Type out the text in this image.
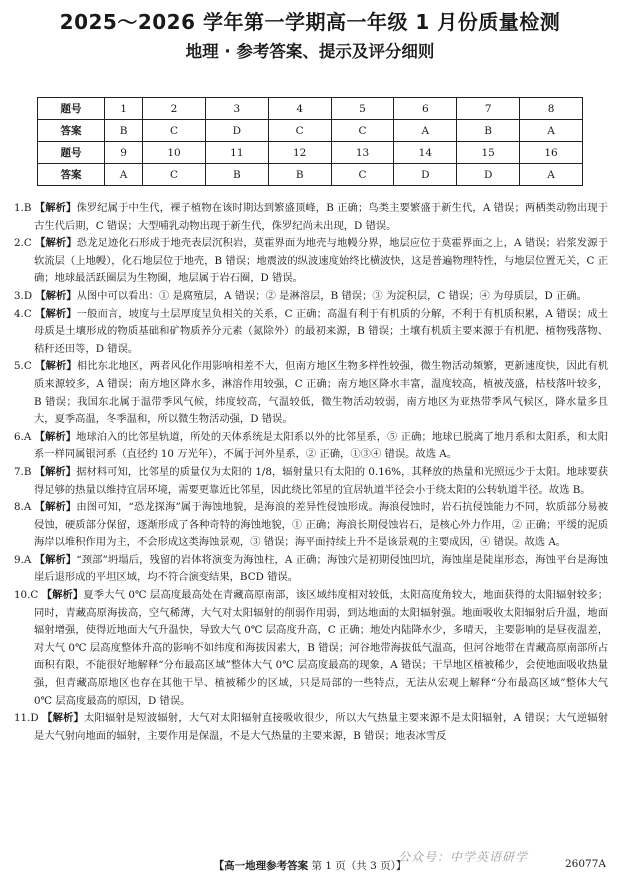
2025～2026 学年第一学期高一年级 1 月份质量检测
地理 · 参考答案、提示及评分细则
题号	1	2	3	4	5	6	7	8
答案	B	C	D	C	C	A	B	A
题号	9	10	11	12	13	14	15	16
答案	A	C	B	B	C	D	D	A

1.B 【解析】侏罗纪属于中生代，裸子植物在该时期达到繁盛顶峰，B 正确；鸟类主要繁盛于新生代，A 错误；两栖类动物出现于古生代后期，C 错误；大型哺乳动物出现于新生代，侏罗纪尚未出现，D 错误。

2.C 【解析】恐龙足迹化石形成于地壳表层沉积岩，莫霍界面为地壳与地幔分界，地层应位于莫霍界面之上，A 错误；岩浆发源于软流层（上地幔），化石地层位于地壳，B 错误；地震波的纵波速度始终比横波快，这是普遍物理特性，与地层位置无关，C 正确；地球最活跃圈层为生物圈，地层属于岩石圈，D 错误。

3.D 【解析】从图中可以看出：① 是腐殖层，A 错误；② 是淋溶层，B 错误；③ 为淀积层，C 错误；④ 为母质层，D 正确。

4.C 【解析】一般而言，坡度与土层厚度呈负相关的关系，C 正确；高温有利于有机质的分解，不利于有机质积累，A 错误；成土母质是土壤形成的物质基础和矿物质养分元素（氮除外）的最初来源，B 错误；土壤有机质主要来源于有机肥、植物残落物、秸秆还田等，D 错误。

5.C 【解析】相比东北地区，两者风化作用影响相差不大，但南方地区生物多样性较强，微生物活动频繁，更新速度快，因此有机质来源较多，A 错误；南方地区降水多，淋溶作用较强，C 正确；南方地区降水丰富，温度较高，植被茂盛，枯枝落叶较多，B 错误；我国东北属于温带季风气候，纬度较高，气温较低，微生物活动较弱，南方地区为亚热带季风气候区，降水量多且大，夏季高温，冬季温和，所以微生物活动强，D 错误。

6.A 【解析】地球泊入的比邻星轨道，所处的天体系统是太阳系以外的比邻星系，⑤ 正确；地球已脱离了地月系和太阳系，和太阳系一样同属银河系（直径约 10 万光年），不属于河外星系，② 正确，①③④ 错误。故选 A。

7.B 【解析】据材料可知，比邻星的质量仅为太阳的 1/8，辐射量只有太阳的 0.16%，其释放的热量和光照远少于太阳。地球要获得足够的热量以维持宜居环境，需要更靠近比邻星，因此绕比邻星的宜居轨道半径会小于绕太阳的公转轨道半径。故选 B。

8.A 【解析】由图可知，“恐龙探海”属于海蚀地貌，是海浪的差异性侵蚀形成。海浪侵蚀时，岩石抗侵蚀能力不同，软质部分易被侵蚀，硬质部分保留，逐渐形成了各种奇特的海蚀地貌，① 正确；海浪长期侵蚀岩石，是核心外力作用，② 正确；平缓的泥质海岸以堆积作用为主，不会形成这类海蚀景观，③ 错误；海平面持续上升不是该景观的主要成因，④ 错误。故选 A。

9.A 【解析】“颈部”坍塌后，残留的岩体将演变为海蚀柱，A 正确；海蚀穴是初期侵蚀凹坑，海蚀崖是陡崖形态，海蚀平台是海蚀崖后退形成的平坦区域，均不符合演变结果，BCD 错误。

10.C 【解析】夏季大气 0℃ 层高度最高处在青藏高原南部，该区域纬度相对较低，太阳高度角较大，地面获得的太阳辐射较多；同时，青藏高原海拔高，空气稀薄，大气对太阳辐射的削弱作用弱，到达地面的太阳辐射强。地面吸收太阳辐射后升温，地面辐射增强，使得近地面大气升温快，导致大气 0℃ 层高度升高，C 正确；地处内陆降水少，多晴天，主要影响的是昼夜温差，对大气 0℃ 层高度整体升高的影响不如纬度和海拔因素大，B 错误；河谷地带海拔低气温高，但河谷地带在青藏高原南部所占面积有限，不能很好地解释“分布最高区域”整体大气 0℃ 层高度最高的现象，A 错误；干旱地区植被稀少，会使地面吸收热量强，但青藏高原地区也存在其他干旱、植被稀少的区域，只是局部的一些特点，无法从宏观上解释“分布最高区域”整体大气 0℃ 层高度最高的原因，D 错误。

11.D 【解析】太阳辐射是短波辐射，大气对太阳辐射直接吸收很少，所以大气热量主要来源不是太阳辐射，A 错误；大气逆辐射是大气射向地面的辐射，主要作用是保温，不是大气热量的主要来源，B 错误；地表冰雪反

公众号：中学英语研学
【高一地理参考答案 第 1 页（共 3 页）】	26077A
